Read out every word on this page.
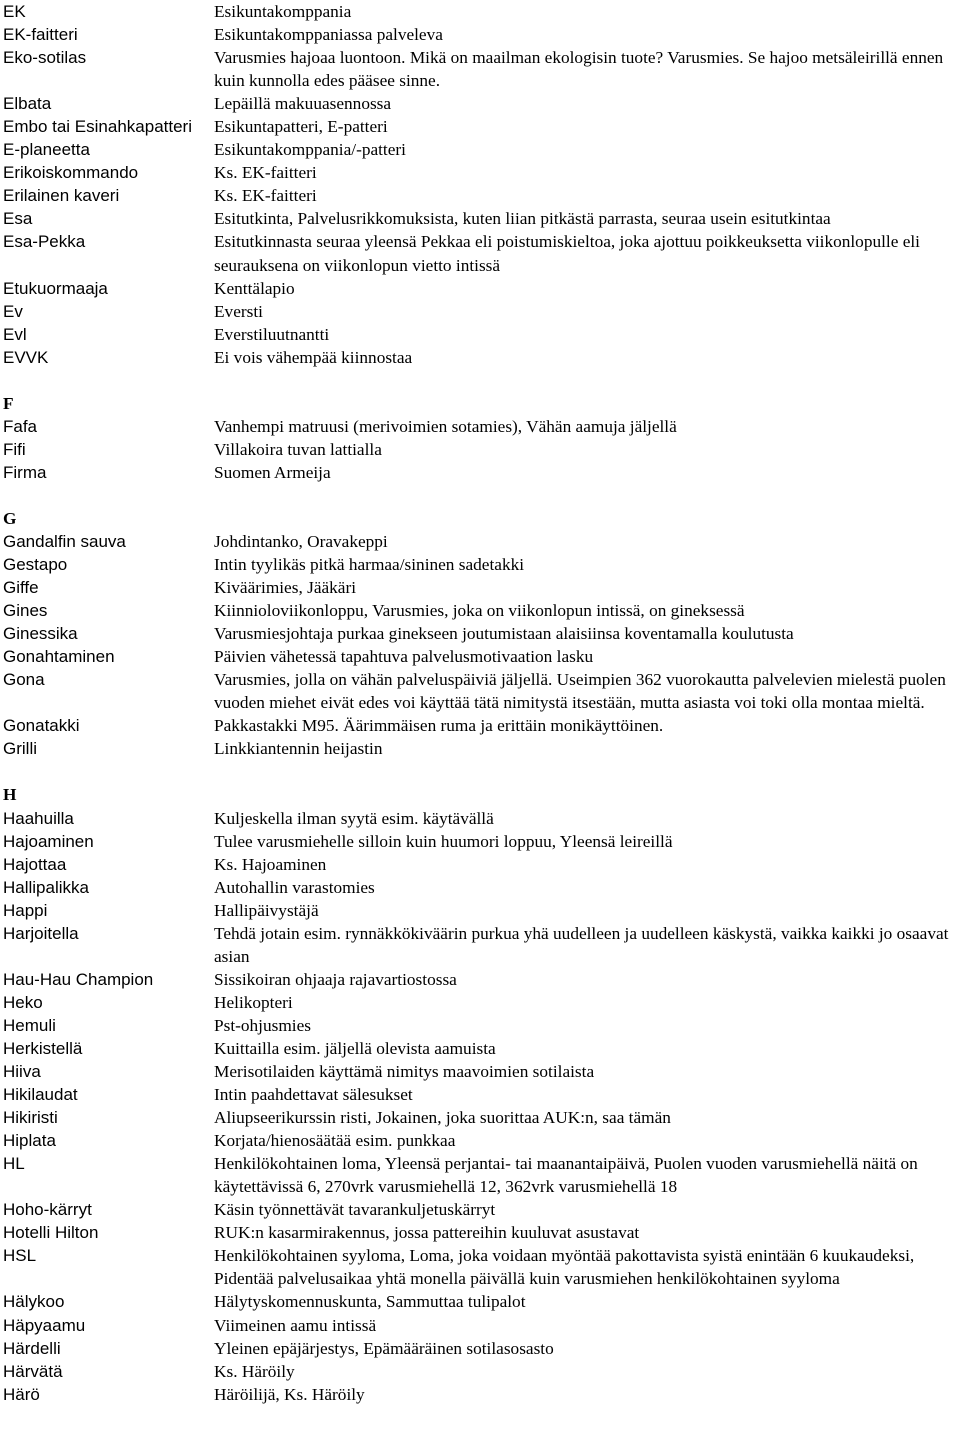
EK	Esikuntakomppania
EK-faitteri	Esikuntakomppaniassa palveleva
Eko-sotilas	Varusmies hajoaa luontoon. Mikä on maailman ekologisin tuote? Varusmies. Se hajoo metsäleirillä ennen kuin kunnolla edes pääsee sinne.
Elbata	Lepäillä makuuasennossa
Embo tai Esinahkapatteri	Esikuntapatteri, E-patteri
E-planeetta	Esikuntakomppania/-patteri
Erikoiskommando	Ks. EK-faitteri
Erilainen kaveri	Ks. EK-faitteri
Esa	Esitutkinta, Palvelusrikkomuksista, kuten liian pitkästä parrasta, seuraa usein esitutkintaa
Esa-Pekka	Esitutkinnasta seuraa yleensä Pekkaa eli poistumiskieltoa, joka ajottuu poikkeuksetta viikonlopulle eli seurauksena on viikonlopun vietto intissä
Etukuormaaja	Kenttälapio
Ev	Eversti
Evl	Everstiluutnantti
EVVK	Ei vois vähempää kiinnostaa

F	
Fafa	Vanhempi matruusi (merivoimien sotamies), Vähän aamuja jäljellä
Fifi	Villakoira tuvan lattialla
Firma	Suomen Armeija

G	
Gandalfin sauva	Johdintanko, Oravakeppi
Gestapo	Intin tyylikäs pitkä harmaa/sininen sadetakki
Giffe	Kiväärimies, Jääkäri
Gines	Kiinnioloviikonloppu, Varusmies, joka on viikonlopun intissä, on gineksessä
Ginessika	Varusmiesjohtaja purkaa ginekseen joutumistaan alaisiinsa koventamalla koulutusta
Gonahtaminen	Päivien vähetessä tapahtuva palvelusmotivaation lasku
Gona	Varusmies, jolla on vähän palveluspäiviä jäljellä. Useimpien 362 vuorokautta palvelevien mielestä puolen vuoden miehet eivät edes voi käyttää tätä nimitystä itsestään, mutta asiasta voi toki olla montaa mieltä.
Gonatakki	Pakkastakki M95. Äärimmäisen ruma ja erittäin monikäyttöinen.
Grilli	Linkkiantennin heijastin

H	
Haahuilla	Kuljeskella ilman syytä esim. käytävällä
Hajoaminen	Tulee varusmiehelle silloin kuin huumori loppuu, Yleensä leireillä
Hajottaa	Ks. Hajoaminen
Hallipalikka	Autohallin varastomies
Happi	Hallipäivystäjä
Harjoitella	Tehdä jotain esim. rynnäkkökiväärin purkua yhä uudelleen ja uudelleen käskystä, vaikka kaikki jo osaavat asian
Hau-Hau Champion	Sissikoiran ohjaaja rajavartiostossa
Heko	Helikopteri
Hemuli	Pst-ohjusmies
Herkistellä	Kuittailla esim. jäljellä olevista aamuista
Hiiva	Merisotilaiden käyttämä nimitys maavoimien sotilaista
Hikilaudat	Intin paahdettavat sälesukset
Hikiristi	Aliupseerikurssin risti, Jokainen, joka suorittaa AUK:n, saa tämän
Hiplata	Korjata/hienosäätää esim. punkkaa
HL	Henkilökohtainen loma, Yleensä perjantai- tai maanantaipäivä, Puolen vuoden varusmiehellä näitä on käytettävissä 6, 270vrk varusmiehellä 12, 362vrk varusmiehellä 18
Hoho-kärryt	Käsin työnnettävät tavarankuljetuskärryt
Hotelli Hilton	RUK:n kasarmirakennus, jossa pattereihin kuuluvat asustavat
HSL	Henkilökohtainen syyloma, Loma, joka voidaan myöntää pakottavista syistä enintään 6 kuukaudeksi, Pidentää palvelusaikaa yhtä monella päivällä kuin varusmiehen henkilökohtainen syyloma
Hälykoo	Hälytyskomennuskunta, Sammuttaa tulipalot
Häpyaamu	Viimeinen aamu intissä
Härdelli	Yleinen epäjärjestys, Epämääräinen sotilasosasto
Härvätä	Ks. Häröily
Härö	Häröilijä, Ks. Häröily
